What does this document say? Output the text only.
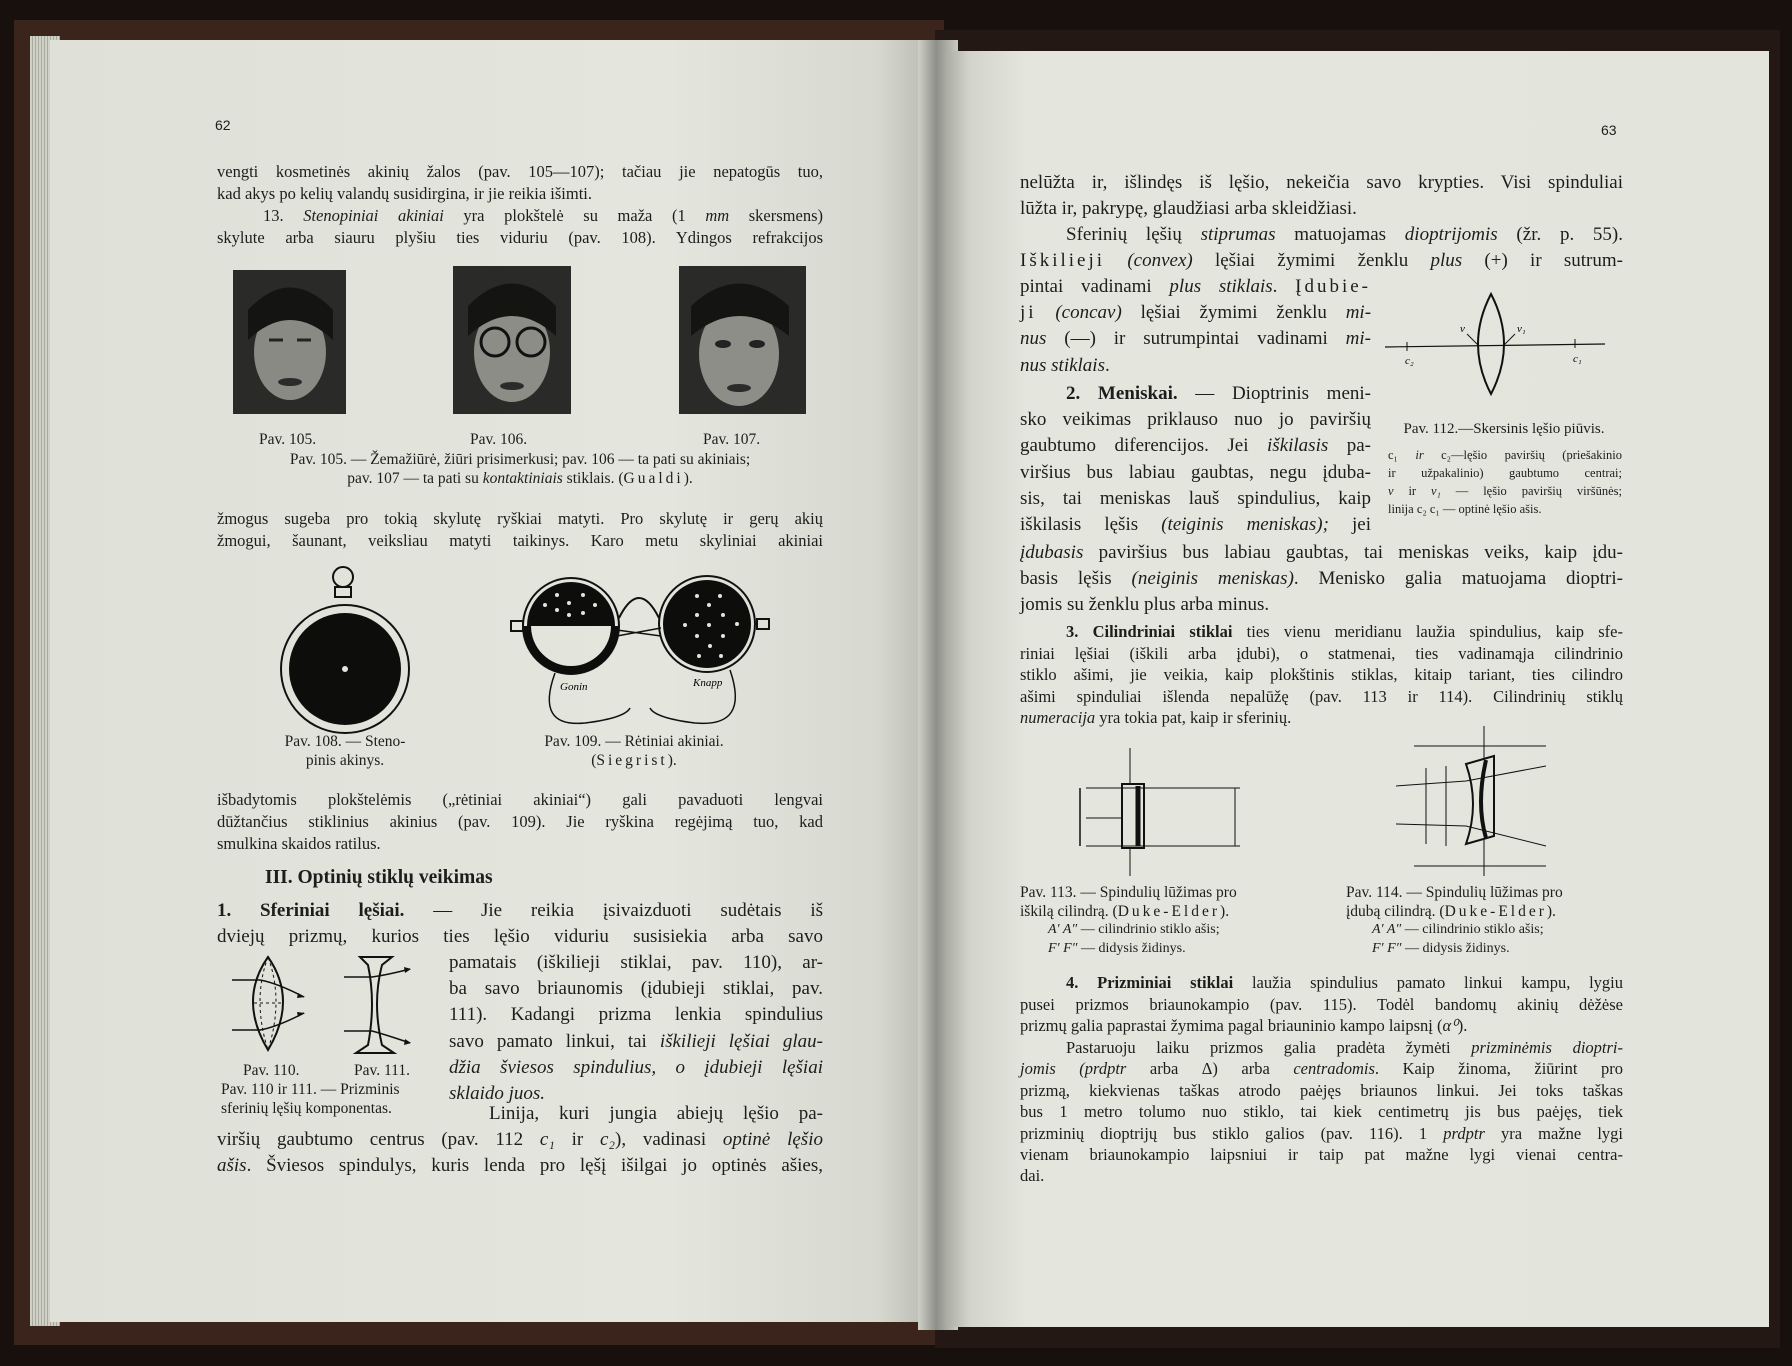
62
vengti kosmetinės akinių žalos (pav. 105—107); tačiau jie nepatogūs tuo,
kad akys po kelių valandų susidirgina, ir jie reikia išimti.
13. Stenopiniai akiniai yra plokštelė su maža (1 mm skersmens)
skylute arba siauru plyšiu ties viduriu (pav. 108). Ydingos refrakcijos
Pav. 105.	Pav. 106.	Pav. 107.
Pav. 105. — Žemažiūrė, žiūri prisimerkusi; pav. 106 — ta pati su akiniais;
pav. 107 — ta pati su kontaktiniais stiklais. (Gualdi).
žmogus sugeba pro tokią skylutę ryškiai matyti. Pro skylutę ir gerų akių
žmogui, šaunant, veiksliau matyti taikinys. Karo metu skyliniai akiniai
Pav. 108. — Steno-
pinis akinys.
Gonin	Knapp
Pav. 109. — Rėtiniai akiniai.
(Siegrist).
išbadytomis plokštelėmis („rėtiniai akiniai“) gali pavaduoti lengvai
dūžtančius stiklinius akinius (pav. 109). Jie ryškina regėjimą tuo, kad
smulkina skaidos ratilus.
III. Optinių stiklų veikimas
1. Sferiniai lęšiai. — Jie reikia įsivaizduoti sudėtais iš
dviejų prizmų, kurios ties lęšio viduriu susisiekia arba savo
pamatais (iškilieji stiklai, pav. 110), ar-
ba savo briaunomis (įdubieji stiklai, pav.
111). Kadangi prizma lenkia spindulius
savo pamato linkui, tai iškilieji lęšiai glau-
džia šviesos spindulius, o įdubieji lęšiai
sklaido juos.
Pav. 110.	Pav. 111.
Pav. 110 ir 111. — Prizminis
sferinių lęšių komponentas.	Linija, kuri jungia abiejų lęšio pa-
viršių gaubtumo centrus (pav. 112 c₁ ir c₂), vadinasi optinė lęšio
ašis. Šviesos spindulys, kuris lenda pro lęšį išilgai jo optinės ašies,
63
nelūžta ir, išlindęs iš lęšio, nekeičia savo krypties. Visi spinduliai
lūžta ir, pakrypę, glaudžiasi arba skleidžiasi.
Sferinių lęšių stiprumas matuojamas dioptrijomis (žr. p. 55).
Iškilieji (convex) lęšiai žymimi ženklu plus (+) ir sutrum-
pintai vadinami plus stiklais. Įdubie-
ji (concav) lęšiai žymimi ženklu mi-
nus (—) ir sutrumpintai vadinami mi-
nus stiklais.
v	v₁
c₂	c₁
Pav. 112.—Skersinis lęšio piūvis.
c₁ ir c₂—lęšio paviršių (priešakinio
ir užpakalinio) gaubtumo centrai;
v ir v₁ — lęšio paviršių viršūnės;
linija c₂ c₁ — optinė lęšio ašis.
2. Meniskai. — Dioptrinis meni-
sko veikimas priklauso nuo jo paviršių
gaubtumo diferencijos. Jei iškilasis pa-
viršius bus labiau gaubtas, negu įduba-
sis, tai meniskas lauš spindulius, kaip
iškilasis lęšis (teiginis meniskas); jei
įdubasis paviršius bus labiau gaubtas, tai meniskas veiks, kaip įdu-
basis lęšis (neiginis meniskas). Menisko galia matuojama dioptri-
jomis su ženklu plus arba minus.
3. Cilindriniai stiklai ties vienu meridianu laužia spindulius, kaip sfe-
riniai lęšiai (iškili arba įdubi), o statmenai, ties vadinamąja cilindrinio
stiklo ašimi, jie veikia, kaip plokštinis stiklas, kitaip tariant, ties cilindro
ašimi spinduliai išlenda nepalūžę (pav. 113 ir 114). Cilindrinių stiklų
numeracija yra tokia pat, kaip ir sferinių.
Pav. 113. — Spindulių lūžimas pro
iškilą cilindrą. (Duke-Elder).
A′ A″ — cilindrinio stiklo ašis;
F′ F″ — didysis židinys.
Pav. 114. — Spindulių lūžimas pro
įdubą cilindrą. (Duke-Elder).
A′ A″ — cilindrinio stiklo ašis;
F′ F″ — didysis židinys.
4. Prizminiai stiklai laužia spindulius pamato linkui kampu, lygiu
pusei prizmos briaunokampio (pav. 115). Todėl bandomų akinių dėžėse
prizmų galia paprastai žymima pagal briauninio kampo laipsnį (α⁰).
Pastaruoju laiku prizmos galia pradėta žymėti prizminėmis dioptri-
jomis (prdptr arba Δ) arba centradomis. Kaip žinoma, žiūrint pro
prizmą, kiekvienas taškas atrodo paėjęs briaunos linkui. Jei toks taškas
bus 1 metro tolumo nuo stiklo, tai kiek centimetrų jis bus paėjęs, tiek
prizminių dioptrijų bus stiklo galios (pav. 116). 1 prdptr yra mažne lygi
vienam briaunokampio laipsniui ir taip pat mažne lygi vienai centra-
dai.
